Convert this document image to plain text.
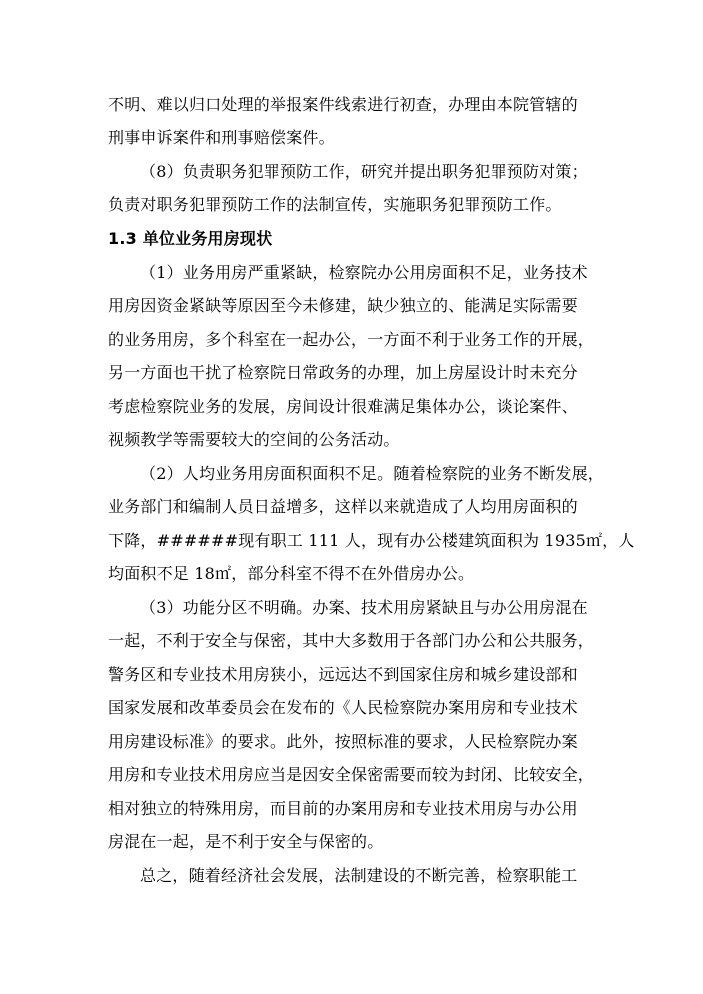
不明、难以归口处理的举报案件线索进行初查，办理由本院管辖的
刑事申诉案件和刑事赔偿案件。
（8）负责职务犯罪预防工作，研究并提出职务犯罪预防对策；
负责对职务犯罪预防工作的法制宣传，实施职务犯罪预防工作。
1.3 单位业务用房现状
（1）业务用房严重紧缺，检察院办公用房面积不足，业务技术
用房因资金紧缺等原因至今未修建，缺少独立的、能满足实际需要
的业务用房，多个科室在一起办公，一方面不利于业务工作的开展，
另一方面也干扰了检察院日常政务的办理，加上房屋设计时未充分
考虑检察院业务的发展，房间设计很难满足集体办公，谈论案件、
视频教学等需要较大的空间的公务活动。
（2）人均业务用房面积面积不足。随着检察院的业务不断发展，
业务部门和编制人员日益增多，这样以来就造成了人均用房面积的
下降，######现有职工 111 人，现有办公楼建筑面积为 1935㎡，人
均面积不足 18㎡，部分科室不得不在外借房办公。
（3）功能分区不明确。办案、技术用房紧缺且与办公用房混在
一起，不利于安全与保密，其中大多数用于各部门办公和公共服务，
警务区和专业技术用房狭小，远远达不到国家住房和城乡建设部和
国家发展和改革委员会在发布的《人民检察院办案用房和专业技术
用房建设标准》的要求。此外，按照标准的要求，人民检察院办案
用房和专业技术用房应当是因安全保密需要而较为封闭、比较安全，
相对独立的特殊用房，而目前的办案用房和专业技术用房与办公用
房混在一起，是不利于安全与保密的。
总之，随着经济社会发展，法制建设的不断完善，检察职能工
